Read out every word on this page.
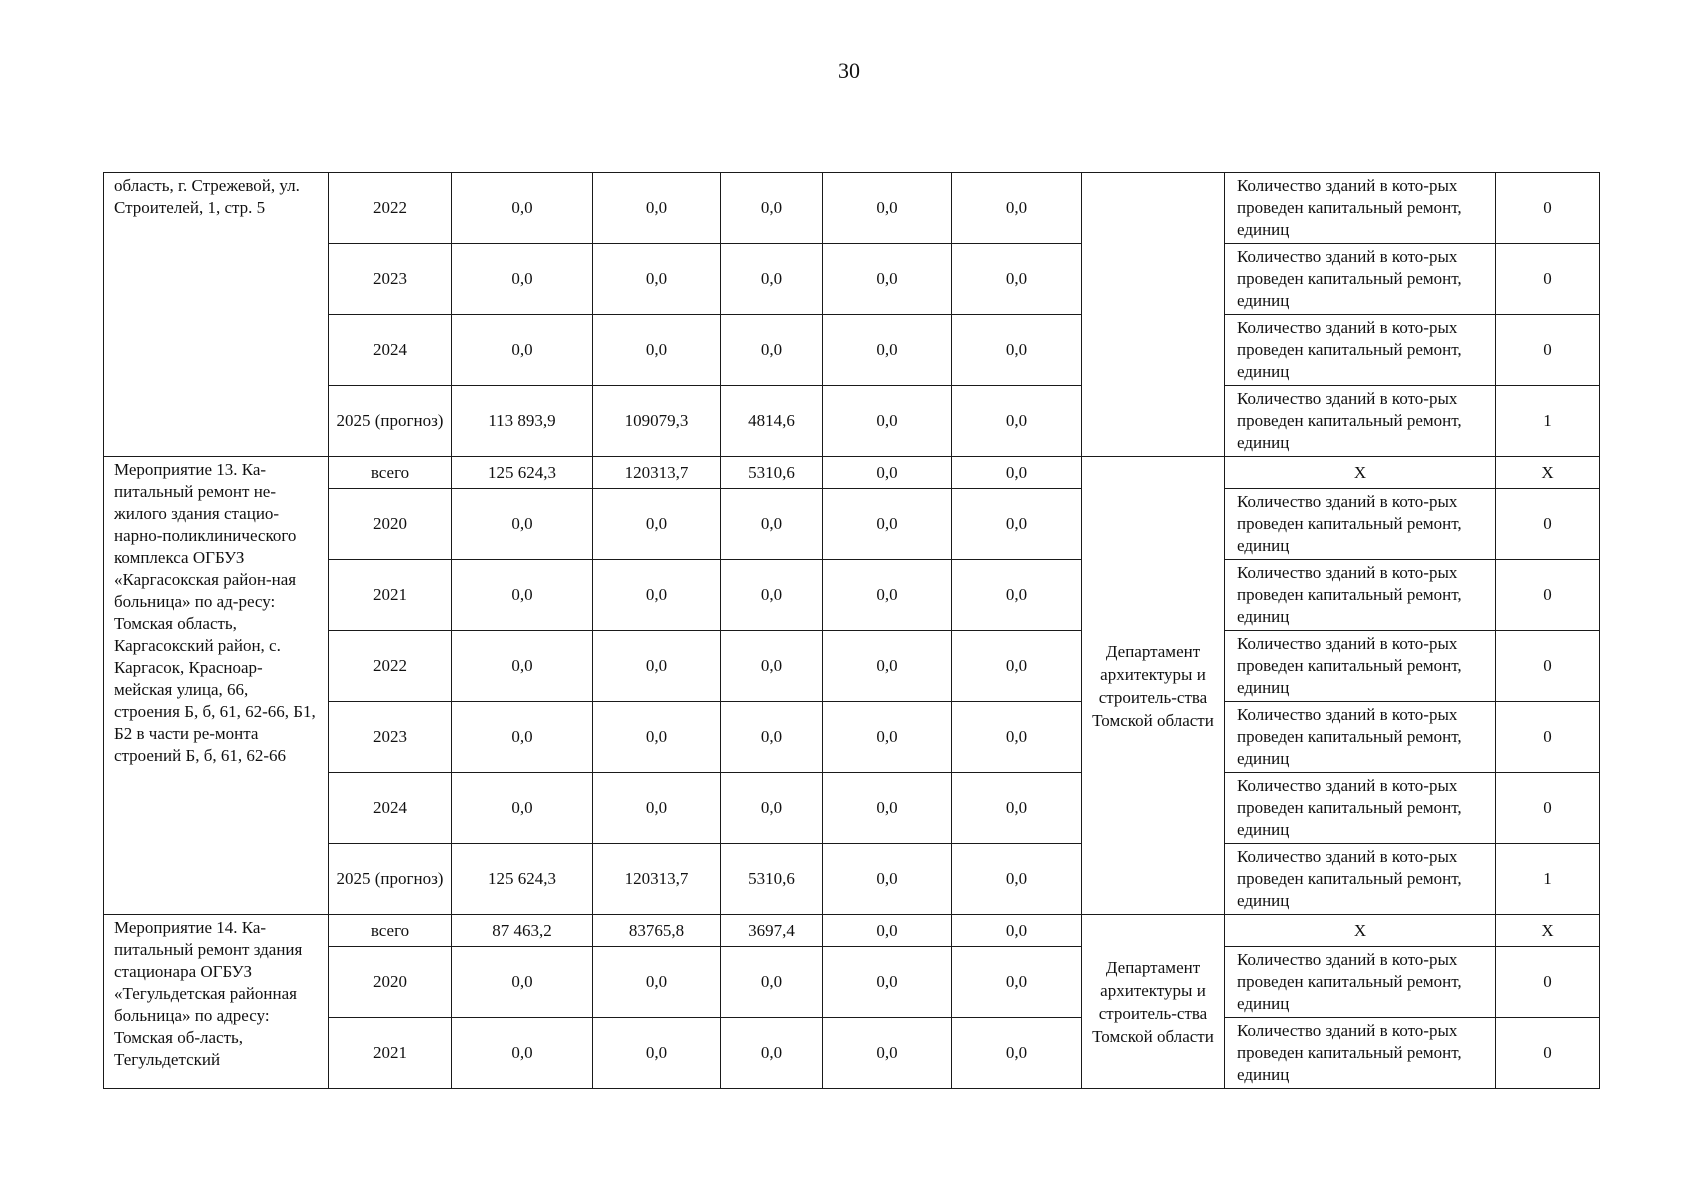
30
область, г. Стрежевой, ул. Строителей, 1, стр. 5	2022	0,0	0,0	0,0	0,0	0,0		Количество зданий в кото-рых проведен капитальный ремонт, единиц	0
	2023	0,0	0,0	0,0	0,0	0,0		Количество зданий в кото-рых проведен капитальный ремонт, единиц	0
	2024	0,0	0,0	0,0	0,0	0,0		Количество зданий в кото-рых проведен капитальный ремонт, единиц	0
	2025 (прогноз)	113 893,9	109079,3	4814,6	0,0	0,0		Количество зданий в кото-рых проведен капитальный ремонт, единиц	1
Мероприятие 13. Ка-питальный ремонт не-жилого здания стацио-нарно-поликлинического комплекса ОГБУЗ «Каргасокская район-ная больница» по ад-ресу: Томская область, Каргасокский район, с. Каргасок, Красноар-мейская улица, 66, строения Б, б, 61, 62-66, Б1, Б2 в части ре-монта строений Б, б, 61, 62-66	всего	125 624,3	120313,7	5310,6	0,0	0,0	Департамент архитектуры и строитель-ства Томской области	Х	Х
	2020	0,0	0,0	0,0	0,0	0,0		Количество зданий в кото-рых проведен капитальный ремонт, единиц	0
	2021	0,0	0,0	0,0	0,0	0,0		Количество зданий в кото-рых проведен капитальный ремонт, единиц	0
	2022	0,0	0,0	0,0	0,0	0,0		Количество зданий в кото-рых проведен капитальный ремонт, единиц	0
	2023	0,0	0,0	0,0	0,0	0,0		Количество зданий в кото-рых проведен капитальный ремонт, единиц	0
	2024	0,0	0,0	0,0	0,0	0,0		Количество зданий в кото-рых проведен капитальный ремонт, единиц	0
	2025 (прогноз)	125 624,3	120313,7	5310,6	0,0	0,0		Количество зданий в кото-рых проведен капитальный ремонт, единиц	1
Мероприятие 14. Ка-питальный ремонт здания стационара ОГБУЗ «Тегульдетская районная больница» по адресу: Томская об-ласть, Тегульдетский	всего	87 463,2	83765,8	3697,4	0,0	0,0	Департамент архитектуры и строитель-ства Томской области	Х	Х
	2020	0,0	0,0	0,0	0,0	0,0		Количество зданий в кото-рых проведен капитальный ремонт, единиц	0
	2021	0,0	0,0	0,0	0,0	0,0		Количество зданий в кото-рых проведен капитальный ремонт, единиц	0
